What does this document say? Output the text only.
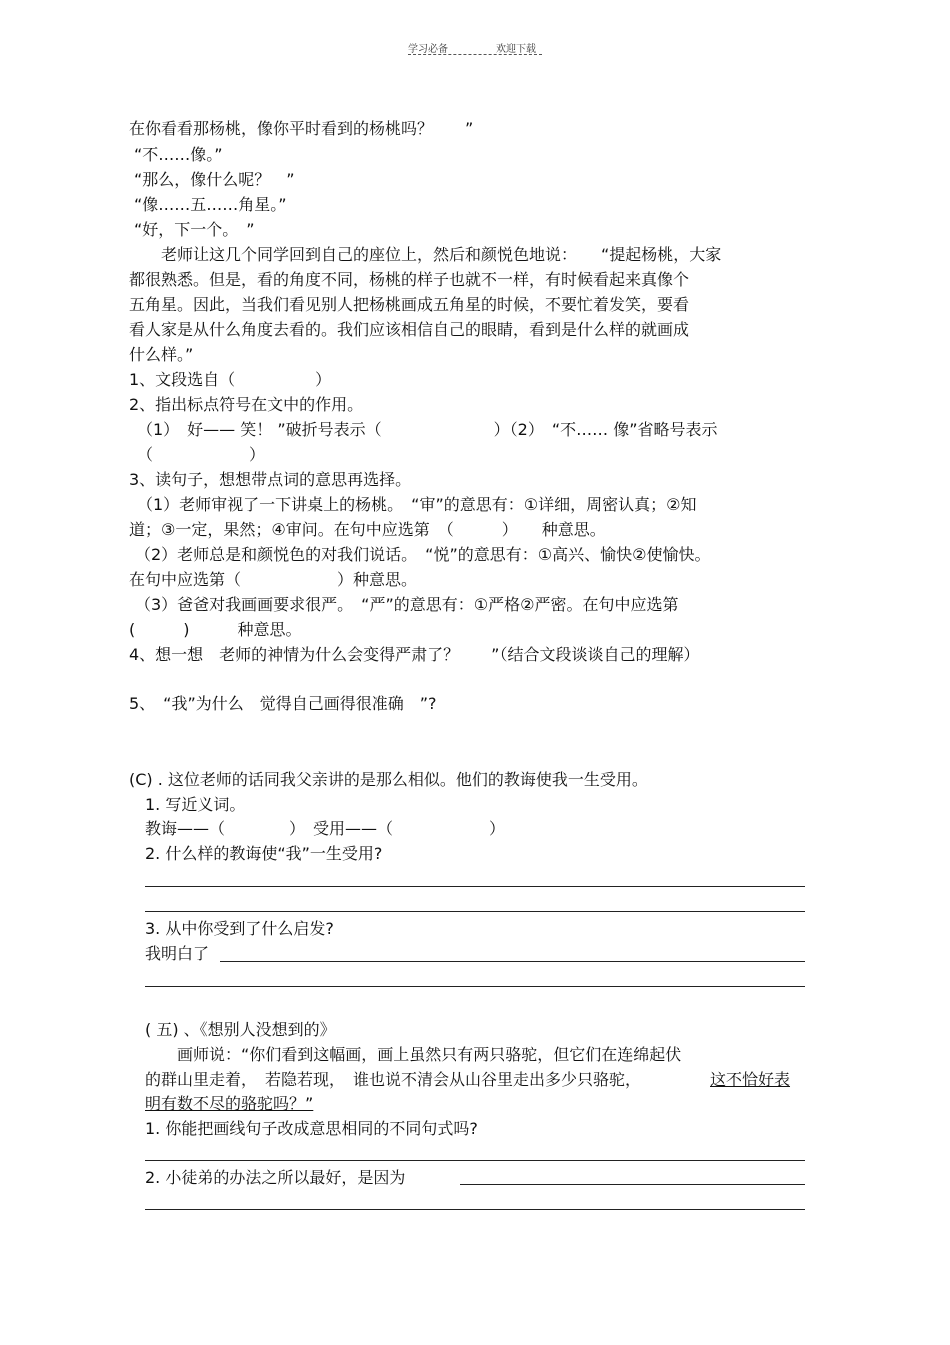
学习必备	欢迎下载
在你看看那杨桃，像你平时看到的杨桃吗？　　”
“不……像。”
“那么，像什么呢？　”
“像……五……角星。”
“好，下一个。　”
　　老师让这几个同学回到自己的座位上，然后和颜悦色地说：　　“提起杨桃，大家
都很熟悉。但是，看的角度不同，杨桃的样子也就不一样，有时候看起来真像个
五角星。因此，当我们看见别人把杨桃画成五角星的时候，不要忙着发笑，要看
看人家是从什么角度去看的。我们应该相信自己的眼睛，看到是什么样的就画成
什么样。”
1、文段选自（　　　　　）
2、指出标点符号在文中的作用。
（1）　好—— 笑！ ”破折号表示（　　　　　　　）（2）　“不…… 像”省略号表示
（　　　　　　）
3、读句子，想想带点词的意思再选择。
　（1）老师审视了一下讲桌上的杨桃。　“审”的意思有：①详细，周密认真；②知
道；③一定，果然；④审问。在句中应选第　（　　　）　　种意思。
（2）老师总是和颜悦色的对我们说话。　“悦”的意思有：①高兴、愉快②使愉快。
在句中应选第（　　　　　　）种意思。
（3）爸爸对我画画要求很严。　“严”的意思有：①严格②严密。在句中应选第
(　　　)　　　种意思。
4、想一想　老师的神情为什么会变得严肃了？　　”（结合文段谈谈自己的理解）
5、　“我”为什么　觉得自己画得很准确　”?
(C) . 这位老师的话同我父亲讲的是那么相似。他们的教诲使我一生受用。
1. 写近义词。
教诲——（　　　　）　受用——（　　　　　　）
2. 什么样的教诲使“我”一生受用?
3. 从中你受到了什么启发?
我明白了
( 五) 、《想别人没想到的》
　　画师说：“你们看到这幅画，画上虽然只有两只骆驼，但它们在连绵起伏
的群山里走着，　若隐若现，　谁也说不清会从山谷里走出多少只骆驼，	这不恰好表
明有数不尽的骆驼吗？”
1. 你能把画线句子改成意思相同的不同句式吗?
2. 小徒弟的办法之所以最好，是因为
